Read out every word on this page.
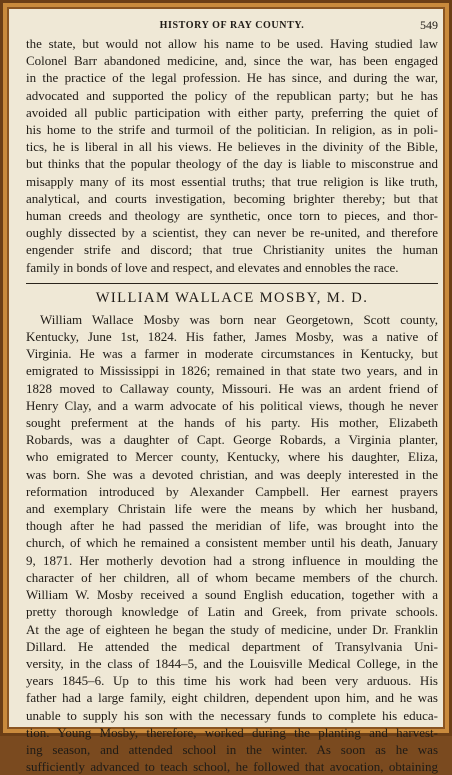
HISTORY OF RAY COUNTY.	549
the state, but would not allow his name to be used. Having studied law
Colonel Barr abandoned medicine, and, since the war, has been engaged
in the practice of the legal profession. He has since, and during the war,
advocated and supported the policy of the republican party; but he has
avoided all public participation with either party, preferring the quiet of
his home to the strife and turmoil of the politician. In religion, as in poli-
tics, he is liberal in all his views. He believes in the divinity of the Bible,
but thinks that the popular theology of the day is liable to misconstrue and
misapply many of its most essential truths; that true religion is like truth,
analytical, and courts investigation, becoming brighter thereby; but that
human creeds and theology are synthetic, once torn to pieces, and thor-
oughly dissected by a scientist, they can never be re-united, and therefore
engender strife and discord; that true Christianity unites the human
family in bonds of love and respect, and elevates and ennobles the race.
WILLIAM WALLACE MOSBY, M. D.
William Wallace Mosby was born near Georgetown, Scott county,
Kentucky, June 1st, 1824. His father, James Mosby, was a native of
Virginia. He was a farmer in moderate circumstances in Kentucky, but
emigrated to Mississippi in 1826; remained in that state two years, and in
1828 moved to Callaway county, Missouri. He was an ardent friend of
Henry Clay, and a warm advocate of his political views, though he never
sought preferment at the hands of his party. His mother, Elizabeth
Robards, was a daughter of Capt. George Robards, a Virginia planter,
who emigrated to Mercer county, Kentucky, where his daughter, Eliza,
was born. She was a devoted christian, and was deeply interested in the
reformation introduced by Alexander Campbell. Her earnest prayers
and exemplary Christain life were the means by which her husband,
though after he had passed the meridian of life, was brought into the
church, of which he remained a consistent member until his death, January
9, 1871. Her motherly devotion had a strong influence in moulding the
character of her children, all of whom became members of the church.
William W. Mosby received a sound English education, together with a
pretty thorough knowledge of Latin and Greek, from private schools.
At the age of eighteen he began the study of medicine, under Dr. Franklin
Dillard. He attended the medical department of Transylvania Uni-
versity, in the class of 1844–5, and the Louisville Medical College, in the
years 1845–6. Up to this time his work had been very arduous. His
father had a large family, eight children, dependent upon him, and he was
unable to supply his son with the necessary funds to complete his educa-
tion. Young Mosby, therefore, worked during the planting and harvest-
ing season, and attended school in the winter. As soon as he was
sufficiently advanced to teach school, he followed that avocation, obtaining
